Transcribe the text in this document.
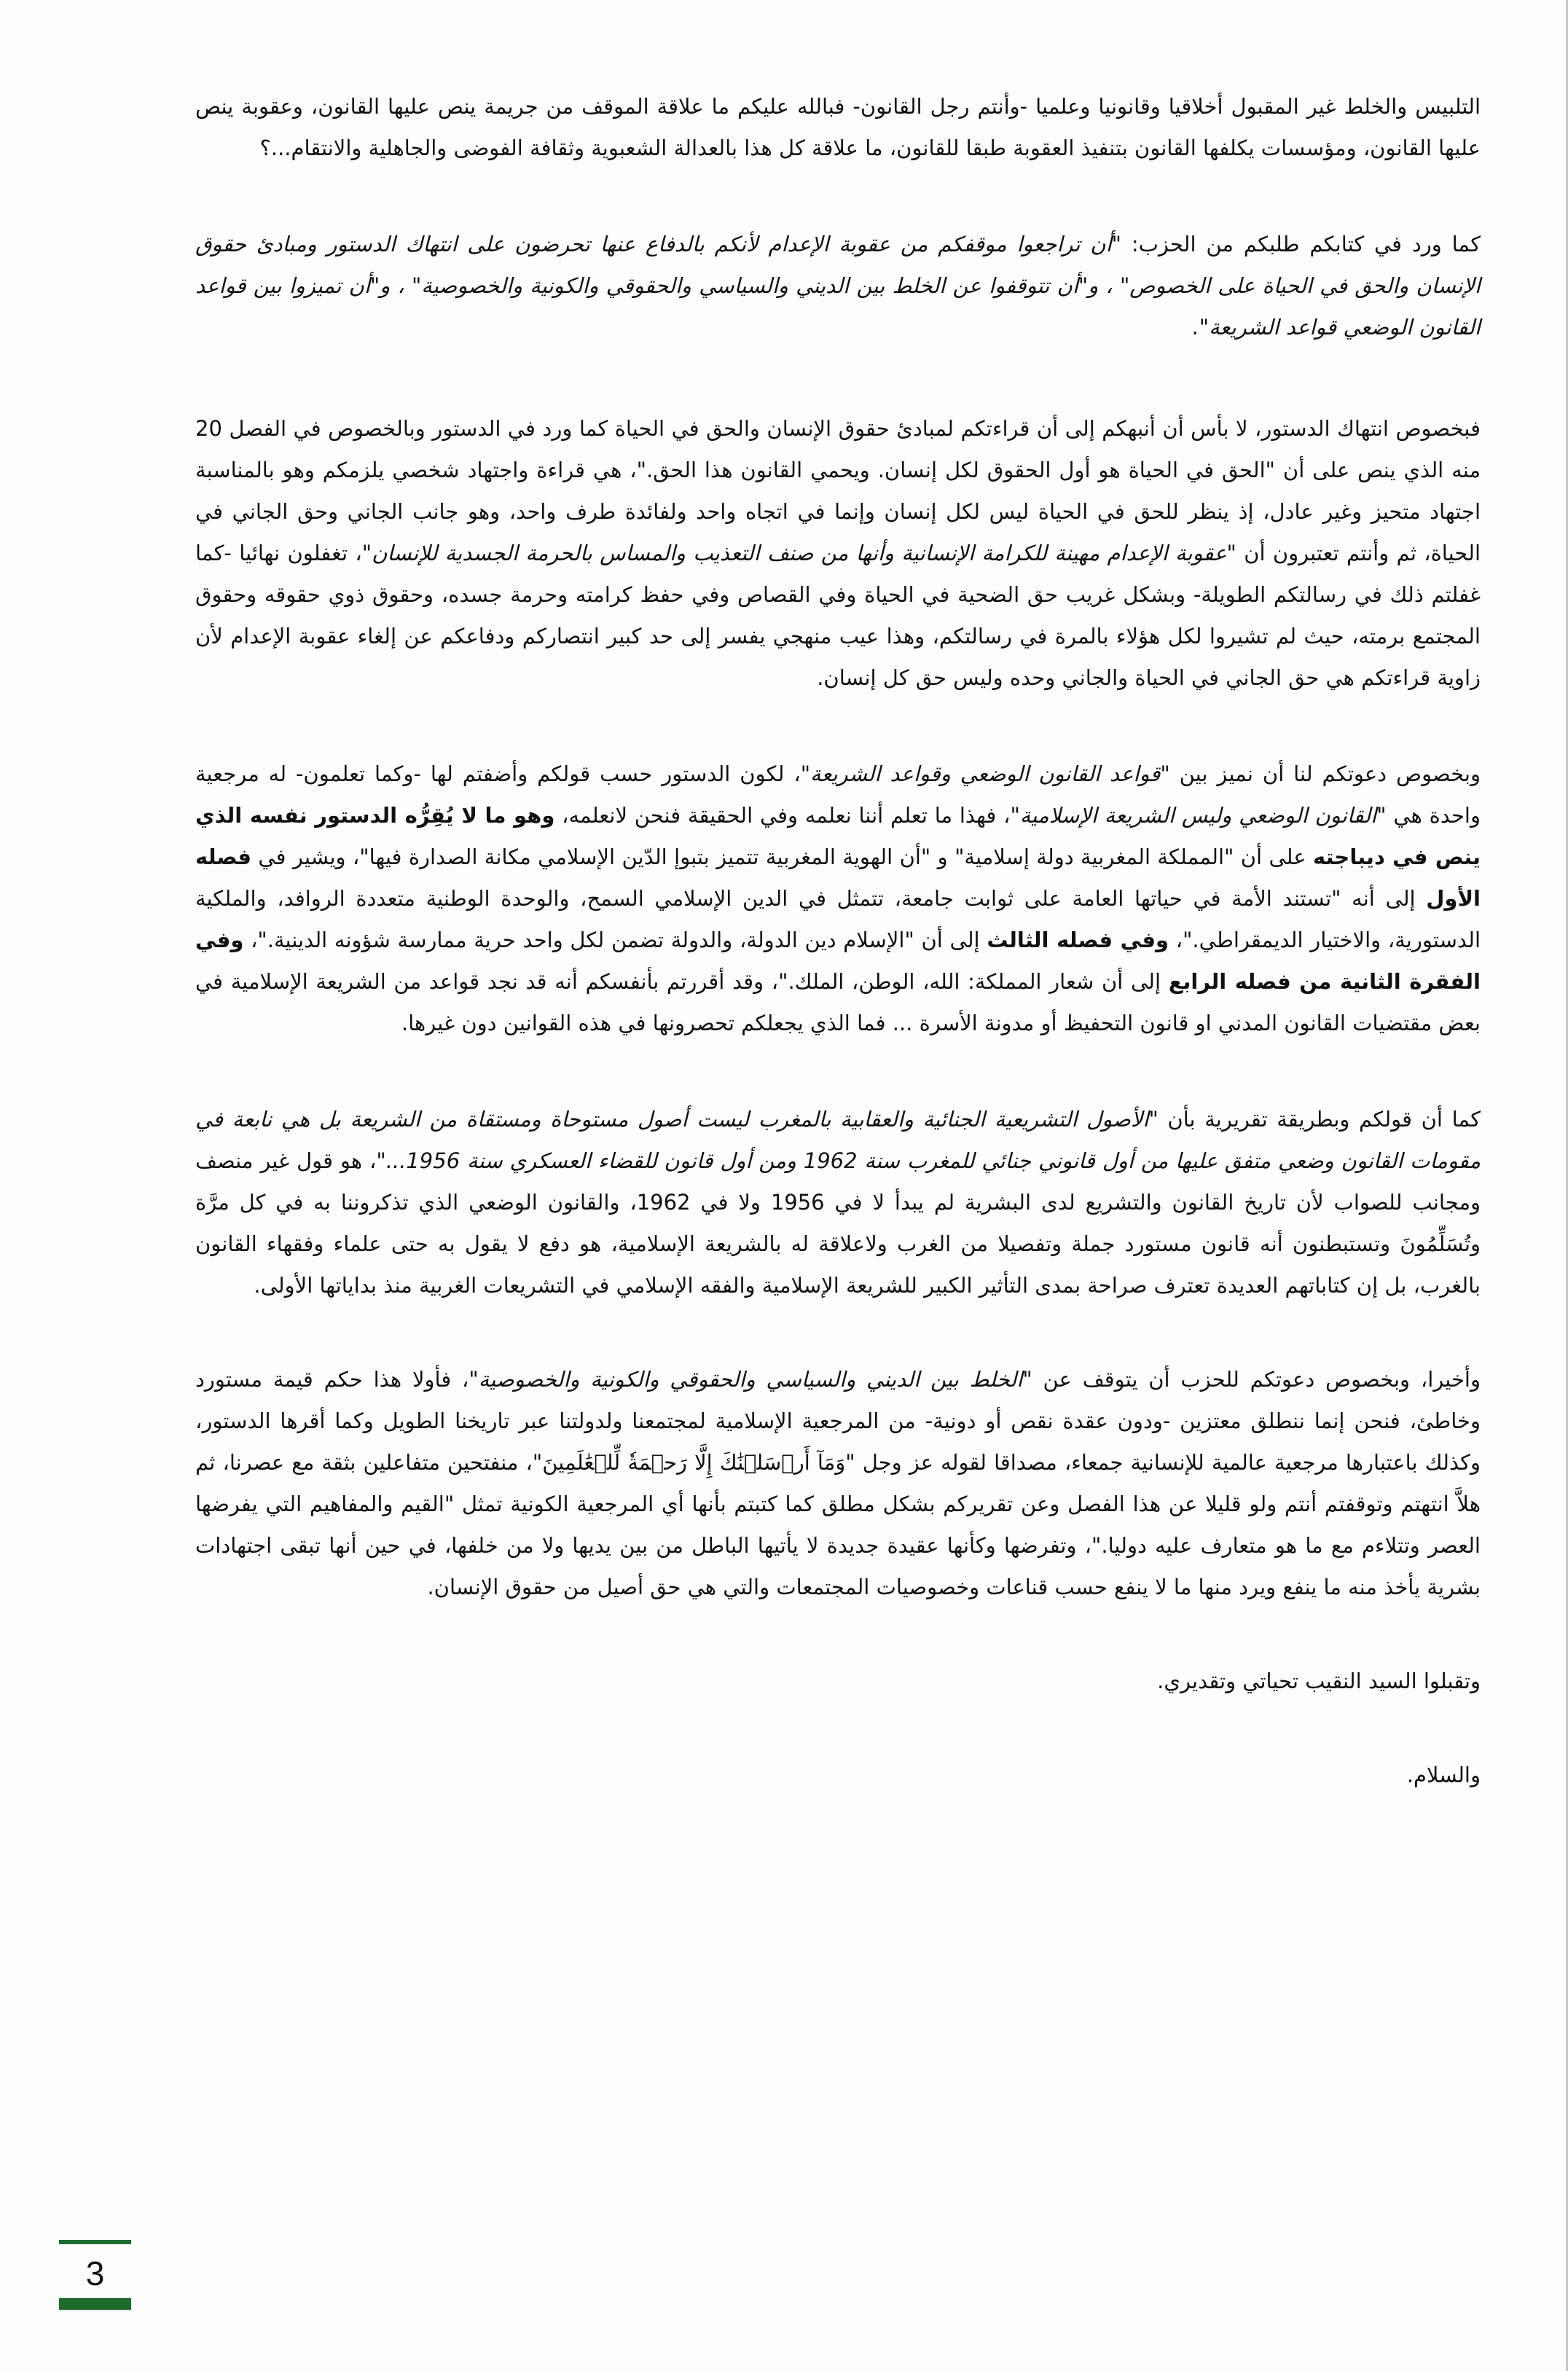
التلبيس والخلط غير المقبول أخلاقيا وقانونيا وعلميا -وأنتم رجل القانون- فبالله عليكم ما علاقة الموقف من جريمة ينص عليها القانون، وعقوبة ينص عليها القانون، ومؤسسات يكلفها القانون بتنفيذ العقوبة طبقا للقانون، ما علاقة كل هذا بالعدالة الشعبوية وثقافة الفوضى والجاهلية والانتقام...؟

كما ورد في كتابكم طلبكم من الحزب: "أن تراجعوا موقفكم من عقوبة الإعدام لأنكم بالدفاع عنها تحرضون على انتهاك الدستور ومبادئ حقوق الإنسان والحق في الحياة على الخصوص" ، و"أن تتوقفوا عن الخلط بين الديني والسياسي والحقوقي والكونية والخصوصية" ، و"أن تميزوا بين قواعد القانون الوضعي قواعد الشريعة".

فبخصوص انتهاك الدستور، لا بأس أن أنبهكم إلى أن قراءتكم لمبادئ حقوق الإنسان والحق في الحياة كما ورد في الدستور وبالخصوص في الفصل 20 منه الذي ينص على أن "الحق في الحياة هو أول الحقوق لكل إنسان. ويحمي القانون هذا الحق."، هي قراءة واجتهاد شخصي يلزمكم وهو بالمناسبة اجتهاد متحيز وغير عادل، إذ ينظر للحق في الحياة ليس لكل إنسان وإنما في اتجاه واحد ولفائدة طرف واحد، وهو جانب الجاني وحق الجاني في الحياة، ثم وأنتم تعتبرون أن "عقوبة الإعدام مهينة للكرامة الإنسانية وأنها من صنف التعذيب والمساس بالحرمة الجسدية للإنسان"، تغفلون نهائيا -كما غفلتم ذلك في رسالتكم الطويلة- وبشكل غريب حق الضحية في الحياة وفي القصاص وفي حفظ كرامته وحرمة جسده، وحقوق ذوي حقوقه وحقوق المجتمع برمته، حيث لم تشيروا لكل هؤلاء بالمرة في رسالتكم، وهذا عيب منهجي يفسر إلى حد كبير انتصاركم ودفاعكم عن إلغاء عقوبة الإعدام لأن زاوية قراءتكم هي حق الجاني في الحياة والجاني وحده وليس حق كل إنسان.

وبخصوص دعوتكم لنا أن نميز بين "قواعد القانون الوضعي وقواعد الشريعة"، لكون الدستور حسب قولكم وأضفتم لها -وكما تعلمون- له مرجعية واحدة هي "القانون الوضعي وليس الشريعة الإسلامية"، فهذا ما تعلم أننا نعلمه وفي الحقيقة فنحن لانعلمه، وهو ما لا يُقِرُّه الدستور نفسه الذي ينص في ديباجته على أن "المملكة المغربية دولة إسلامية" و "أن الهوية المغربية تتميز بتبوإ الدّين الإسلامي مكانة الصدارة فيها"، ويشير في فصله الأول إلى أنه "تستند الأمة في حياتها العامة على ثوابت جامعة، تتمثل في الدين الإسلامي السمح، والوحدة الوطنية متعددة الروافد، والملكية الدستورية، والاختيار الديمقراطي."، وفي فصله الثالث إلى أن "الإسلام دين الدولة، والدولة تضمن لكل واحد حرية ممارسة شؤونه الدينية."، وفي الفقرة الثانية من فصله الرابع إلى أن شعار المملكة: الله، الوطن، الملك."، وقد أقررتم بأنفسكم أنه قد نجد قواعد من الشريعة الإسلامية في بعض مقتضيات القانون المدني او قانون التحفيظ أو مدونة الأسرة ... فما الذي يجعلكم تحصرونها في هذه القوانين دون غيرها.

كما أن قولكم وبطريقة تقريرية بأن "الأصول التشريعية الجنائية والعقابية بالمغرب ليست أصول مستوحاة ومستقاة من الشريعة بل هي نابعة في مقومات القانون وضعي متفق عليها من أول قانوني جنائي للمغرب سنة 1962 ومن أول قانون للقضاء العسكري سنة 1956..."، هو قول غير منصف ومجانب للصواب لأن تاريخ القانون والتشريع لدى البشرية لم يبدأ لا في 1956 ولا في 1962، والقانون الوضعي الذي تذكروننا به في كل مرَّة وتُسَلِّمُونَ وتستبطنون أنه قانون مستورد جملة وتفصيلا من الغرب ولاعلاقة له بالشريعة الإسلامية، هو دفع لا يقول به حتى علماء وفقهاء القانون بالغرب، بل إن كتاباتهم العديدة تعترف صراحة بمدى التأثير الكبير للشريعة الإسلامية والفقه الإسلامي في التشريعات الغربية منذ بداياتها الأولى.

وأخيرا، وبخصوص دعوتكم للحزب أن يتوقف عن "الخلط بين الديني والسياسي والحقوقي والكونية والخصوصية"، فأولا هذا حكم قيمة مستورد وخاطئ، فنحن إنما ننطلق معتزين -ودون عقدة نقص أو دونية- من المرجعية الإسلامية لمجتمعنا ولدولتنا عبر تاريخنا الطويل وكما أقرها الدستور، وكذلك باعتبارها مرجعية عالمية للإنسانية جمعاء، مصداقا لقوله عز وجل "وَمَآ أَرۡسَلۡنَٰكَ إِلَّا رَحۡمَةٗ لِّلۡعَٰلَمِينَ"، منفتحين متفاعلين بثقة مع عصرنا، ثم هلاَّ انتهتم وتوقفتم أنتم ولو قليلا عن هذا الفصل وعن تقريركم بشكل مطلق كما كتبتم بأنها أي المرجعية الكونية تمثل "القيم والمفاهيم التي يفرضها العصر وتتلاءم مع ما هو متعارف عليه دوليا."، وتفرضها وكأنها عقيدة جديدة لا يأتيها الباطل من بين يديها ولا من خلفها، في حين أنها تبقى اجتهادات بشرية يأخذ منه ما ينفع ويرد منها ما لا ينفع حسب قناعات وخصوصيات المجتمعات والتي هي حق أصيل من حقوق الإنسان.

وتقبلوا السيد النقيب تحياتي وتقديري.

والسلام.

3
